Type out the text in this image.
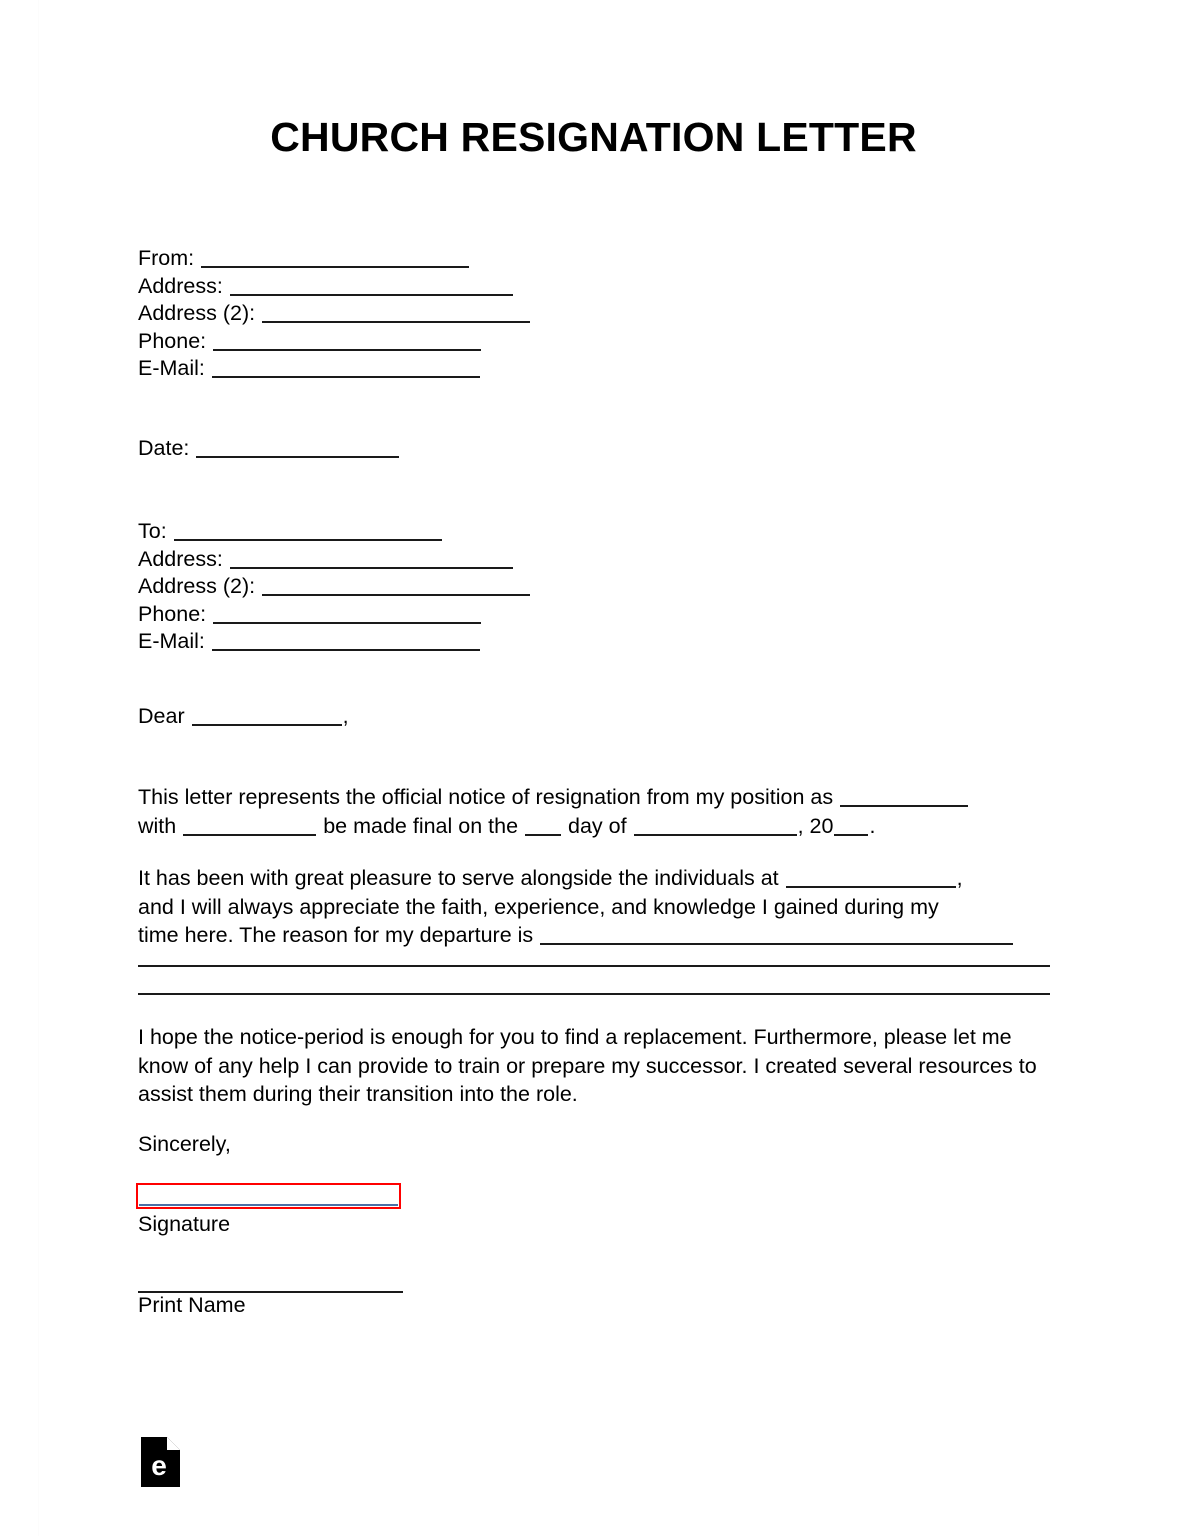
CHURCH RESIGNATION LETTER
From:
Address:
Address (2):
Phone:
E-Mail:
Date:
To:
Address:
Address (2):
Phone:
E-Mail:
Dear	,
This letter represents the official notice of resignation from my position as
with	be made final on the day of	, 20 .
It has been with great pleasure to serve alongside the individuals at	,
and I will always appreciate the faith, experience, and knowledge I gained during my
time here. The reason for my departure is
I hope the notice-period is enough for you to find a replacement. Furthermore, please let me know of any help I can provide to train or prepare my successor. I created several resources to assist them during their transition into the role.
Sincerely,
Signature
Print Name
e
